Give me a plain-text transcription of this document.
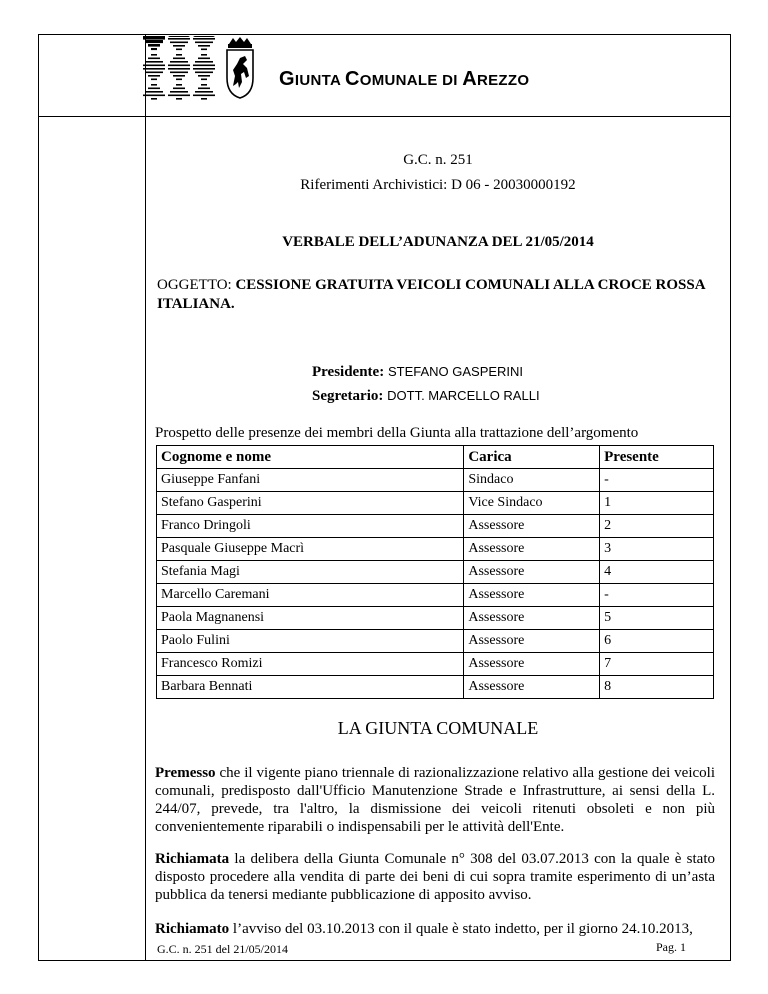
GIUNTA COMUNALE DI AREZZO
G.C. n. 251
Riferimenti Archivistici: D 06 - 20030000192
VERBALE DELL’ADUNANZA DEL 21/05/2014
OGGETTO: CESSIONE GRATUITA VEICOLI COMUNALI ALLA CROCE ROSSA ITALIANA.
Presidente: STEFANO GASPERINI
Segretario: DOTT. MARCELLO RALLI
Prospetto delle presenze dei membri della Giunta alla trattazione dell’argomento
Cognome e nome	Carica	Presente
Giuseppe Fanfani	Sindaco	-
Stefano Gasperini	Vice Sindaco	1
Franco Dringoli	Assessore	2
Pasquale Giuseppe Macrì	Assessore	3
Stefania Magi	Assessore	4
Marcello Caremani	Assessore	-
Paola Magnanensi	Assessore	5
Paolo Fulini	Assessore	6
Francesco Romizi	Assessore	7
Barbara Bennati	Assessore	8
LA GIUNTA COMUNALE
Premesso che il vigente piano triennale di razionalizzazione relativo alla gestione dei veicoli comunali, predisposto dall'Ufficio Manutenzione Strade e Infrastrutture, ai sensi della L. 244/07, prevede, tra l'altro, la dismissione dei veicoli ritenuti obsoleti e non più convenientemente riparabili o indispensabili per le attività dell'Ente.
Richiamata la delibera della Giunta Comunale n° 308 del 03.07.2013 con la quale è stato disposto procedere alla vendita di parte dei beni di cui sopra tramite esperimento di un’asta pubblica da tenersi mediante pubblicazione di apposito avviso.
Richiamato l’avviso del 03.10.2013 con il quale è stato indetto, per il giorno 24.10.2013,
G.C. n. 251 del 21/05/2014	Pag. 1
